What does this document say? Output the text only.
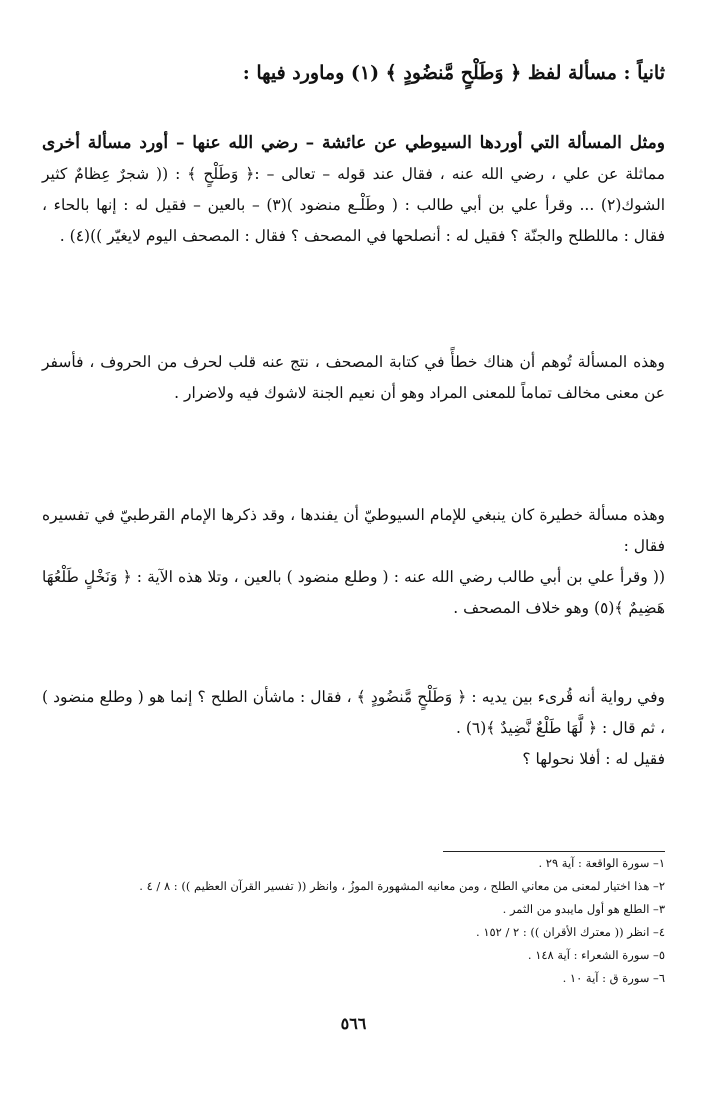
ثانياً : مسألة لفظ ﴿ وَطَلْحٍ مَّنضُودٍ ﴾ (١) وماورد فيها :

ومثل المسألة التي أوردها السيوطي عن عائشة – رضي الله عنها – أورد مسألة أخرى مماثلة عن علي ، رضي الله عنه ، فقال عند قوله – تعالى – :﴿ وَطَلْحٍ ﴾ : (( شجرٌ عِظامٌ كثير الشوك(٢) ... وقرأ علي بن أبي طالب : ( وطَلْـع منضود )(٣) – بالعين – فقيل له : إنها بالحاء ، فقال : ماللطلح والجنّة ؟ فقيل له : أنصلحها في المصحف ؟ فقال : المصحف اليوم لايغيّر ))(٤) .

وهذه المسألة تُوهم أن هناك خطأً في كتابة المصحف ، نتج عنه قلب لحرف من الحروف ، فأسفر عن معنى مخالف تماماً للمعنى المراد وهو أن نعيم الجنة لاشوك فيه ولاضرار .

وهذه مسألة خطيرة كان ينبغي للإمام السيوطيّ أن يفندها ، وقد ذكرها الإمام القرطبيّ في تفسيره فقال :

(( وقرأ علي بن أبي طالب رضي الله عنه : ( وطلع منضود ) بالعين ، وتلا هذه الآية : ﴿ وَنَخْلٍ طَلْعُهَا هَضِيمٌ ﴾(٥) وهو خلاف المصحف .

وفي رواية أنه قُرىء بين يديه : ﴿ وَطَلْحٍ مَّنضُودٍ ﴾ ، فقال : ماشأن الطلح ؟ إنما هو ( وطلع منضود ) ، ثم قال : ﴿ لَّهَا طَلْعٌ نَّضِيدٌ ﴾(٦) .

فقيل له : أفلا نحولها ؟

١– سورة الواقعة : آية ٢٩ .
٢– هذا اختيار لمعنى من معاني الطلح ، ومن معانيه المشهورة الموزُ ، وانظر (( تفسير القرآن العظيم )) : ٨ / ٤ .
٣– الطلع هو أول مايبدو من الثمر .
٤– انظر (( معترك الأقران )) : ٢ / ١٥٢ .
٥– سورة الشعراء : آية ١٤٨ .
٦– سورة ق : آية ١٠ .
٥٦٦
